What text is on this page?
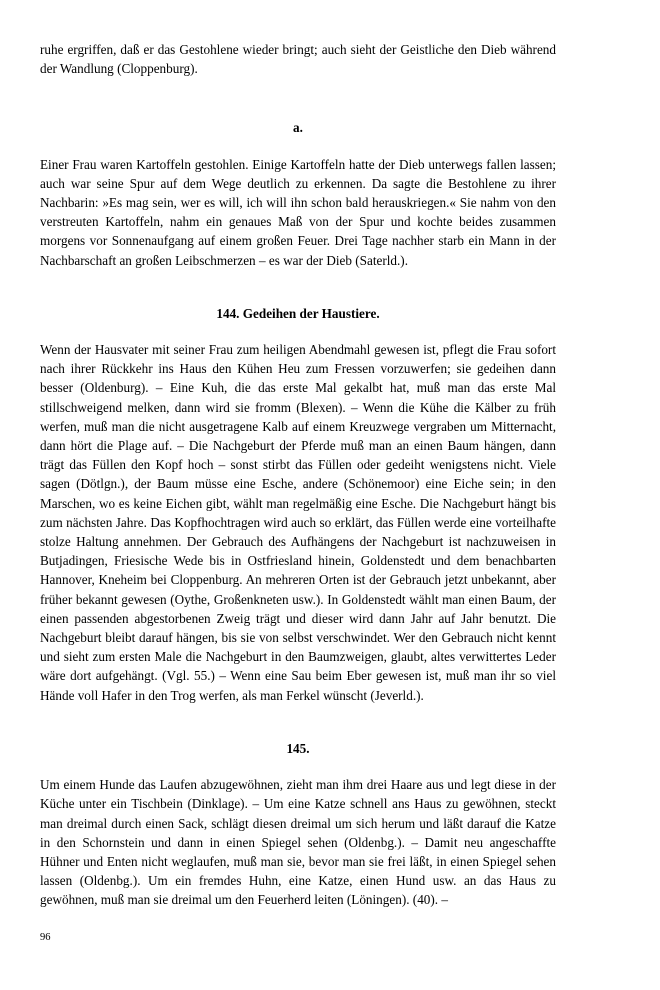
ruhe ergriffen, daß er das Gestohlene wieder bringt; auch sieht der Geistliche den Dieb während der Wandlung (Cloppenburg).

a.

Einer Frau waren Kartoffeln gestohlen. Einige Kartoffeln hatte der Dieb unterwegs fallen lassen; auch war seine Spur auf dem Wege deutlich zu erkennen. Da sagte die Bestohlene zu ihrer Nachbarin: »Es mag sein, wer es will, ich will ihn schon bald herauskriegen.« Sie nahm von den verstreuten Kartoffeln, nahm ein genaues Maß von der Spur und kochte beides zusammen morgens vor Sonnenaufgang auf einem großen Feuer. Drei Tage nachher starb ein Mann in der Nachbarschaft an großen Leibschmerzen – es war der Dieb (Saterld.).

144. Gedeihen der Haustiere.

Wenn der Hausvater mit seiner Frau zum heiligen Abendmahl gewesen ist, pflegt die Frau sofort nach ihrer Rückkehr ins Haus den Kühen Heu zum Fressen vorzuwerfen; sie gedeihen dann besser (Oldenburg). – Eine Kuh, die das erste Mal gekalbt hat, muß man das erste Mal stillschweigend melken, dann wird sie fromm (Blexen). – Wenn die Kühe die Kälber zu früh werfen, muß man die nicht ausgetragene Kalb auf einem Kreuzwege vergraben um Mitternacht, dann hört die Plage auf. – Die Nachgeburt der Pferde muß man an einen Baum hängen, dann trägt das Füllen den Kopf hoch – sonst stirbt das Füllen oder gedeiht wenigstens nicht. Viele sagen (Dötlgn.), der Baum müsse eine Esche, andere (Schönemoor) eine Eiche sein; in den Marschen, wo es keine Eichen gibt, wählt man regelmäßig eine Esche. Die Nachgeburt hängt bis zum nächsten Jahre. Das Kopfhochtragen wird auch so erklärt, das Füllen werde eine vorteilhafte stolze Haltung annehmen. Der Gebrauch des Aufhängens der Nachgeburt ist nachzuweisen in Butjadingen, Friesische Wede bis in Ostfriesland hinein, Goldenstedt und dem benachbarten Hannover, Kneheim bei Cloppenburg. An mehreren Orten ist der Gebrauch jetzt unbekannt, aber früher bekannt gewesen (Oythe, Großenkneten usw.). In Goldenstedt wählt man einen Baum, der einen passenden abgestorbenen Zweig trägt und dieser wird dann Jahr auf Jahr benutzt. Die Nachgeburt bleibt darauf hängen, bis sie von selbst verschwindet. Wer den Gebrauch nicht kennt und sieht zum ersten Male die Nachgeburt in den Baumzweigen, glaubt, altes verwittertes Leder wäre dort aufgehängt. (Vgl. 55.) – Wenn eine Sau beim Eber gewesen ist, muß man ihr so viel Hände voll Hafer in den Trog werfen, als man Ferkel wünscht (Jeverld.).

145.

Um einem Hunde das Laufen abzugewöhnen, zieht man ihm drei Haare aus und legt diese in der Küche unter ein Tischbein (Dinklage). – Um eine Katze schnell ans Haus zu gewöhnen, steckt man dreimal durch einen Sack, schlägt diesen dreimal um sich herum und läßt darauf die Katze in den Schornstein und dann in einen Spiegel sehen (Oldenbg.). – Damit neu angeschaffte Hühner und Enten nicht weglaufen, muß man sie, bevor man sie frei läßt, in einen Spiegel sehen lassen (Oldenbg.). Um ein fremdes Huhn, eine Katze, einen Hund usw. an das Haus zu gewöhnen, muß man sie dreimal um den Feuerherd leiten (Löningen). (40). –

96
